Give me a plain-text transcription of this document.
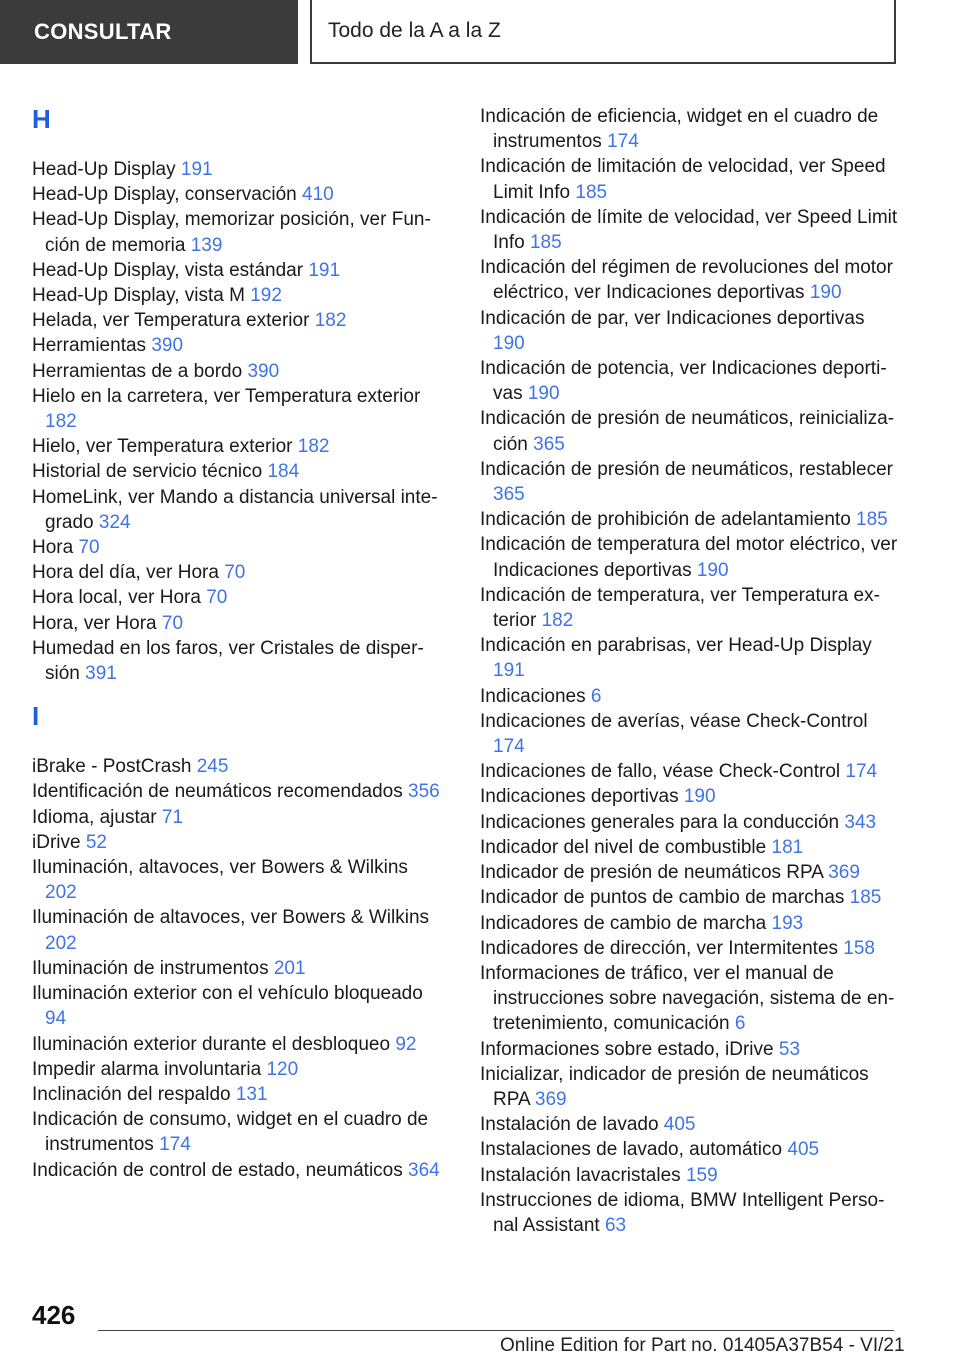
CONSULTAR	Todo de la A a la Z
H
Head-Up Display 191
Head-Up Display, conservación 410
Head-Up Display, memorizar posición, ver Función de memoria 139
Head-Up Display, vista estándar 191
Head-Up Display, vista M 192
Helada, ver Temperatura exterior 182
Herramientas 390
Herramientas de a bordo 390
Hielo en la carretera, ver Temperatura exterior 182
Hielo, ver Temperatura exterior 182
Historial de servicio técnico 184
HomeLink, ver Mando a distancia universal integrado 324
Hora 70
Hora del día, ver Hora 70
Hora local, ver Hora 70
Hora, ver Hora 70
Humedad en los faros, ver Cristales de dispersión 391
I
iBrake - PostCrash 245
Identificación de neumáticos recomendados 356
Idioma, ajustar 71
iDrive 52
Iluminación, altavoces, ver Bowers & Wilkins 202
Iluminación de altavoces, ver Bowers & Wilkins 202
Iluminación de instrumentos 201
Iluminación exterior con el vehículo bloqueado 94
Iluminación exterior durante el desbloqueo 92
Impedir alarma involuntaria 120
Inclinación del respaldo 131
Indicación de consumo, widget en el cuadro de instrumentos 174
Indicación de control de estado, neumáticos 364
Indicación de eficiencia, widget en el cuadro de instrumentos 174
Indicación de limitación de velocidad, ver Speed Limit Info 185
Indicación de límite de velocidad, ver Speed Limit Info 185
Indicación del régimen de revoluciones del motor eléctrico, ver Indicaciones deportivas 190
Indicación de par, ver Indicaciones deportivas 190
Indicación de potencia, ver Indicaciones deportivas 190
Indicación de presión de neumáticos, reinicialización 365
Indicación de presión de neumáticos, restablecer 365
Indicación de prohibición de adelantamiento 185
Indicación de temperatura del motor eléctrico, ver Indicaciones deportivas 190
Indicación de temperatura, ver Temperatura exterior 182
Indicación en parabrisas, ver Head-Up Display 191
Indicaciones 6
Indicaciones de averías, véase Check-Control 174
Indicaciones de fallo, véase Check-Control 174
Indicaciones deportivas 190
Indicaciones generales para la conducción 343
Indicador del nivel de combustible 181
Indicador de presión de neumáticos RPA 369
Indicador de puntos de cambio de marchas 185
Indicadores de cambio de marcha 193
Indicadores de dirección, ver Intermitentes 158
Informaciones de tráfico, ver el manual de instrucciones sobre navegación, sistema de entretenimiento, comunicación 6
Informaciones sobre estado, iDrive 53
Inicializar, indicador de presión de neumáticos RPA 369
Instalación de lavado 405
Instalaciones de lavado, automático 405
Instalación lavacristales 159
Instrucciones de idioma, BMW Intelligent Personal Assistant 63
426
Online Edition for Part no. 01405A37B54 - VI/21
